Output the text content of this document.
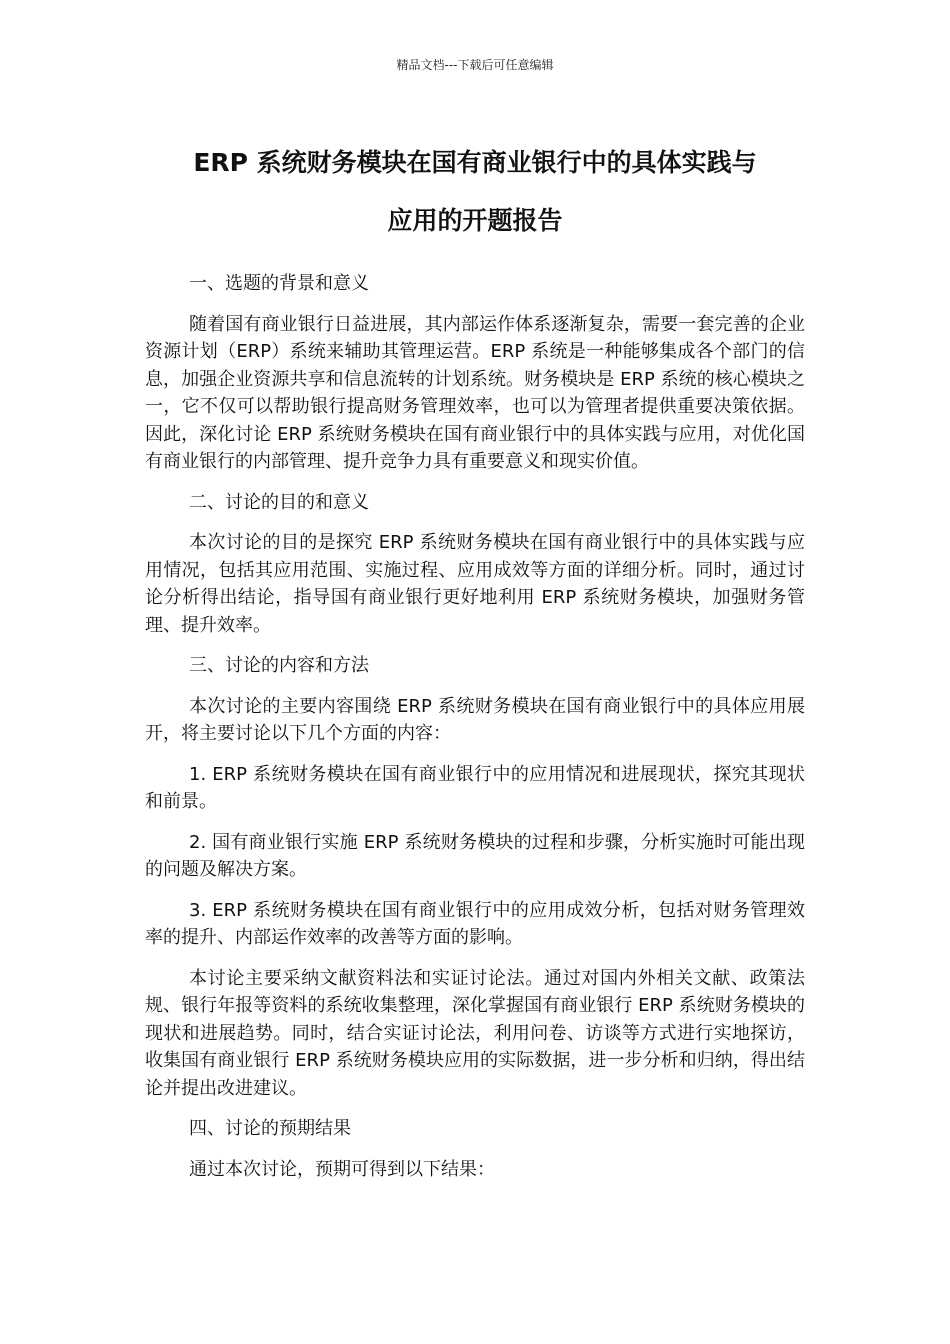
精品文档---下载后可任意编辑
ERP 系统财务模块在国有商业银行中的具体实践与
应用的开题报告

一、选题的背景和意义

随着国有商业银行日益进展，其内部运作体系逐渐复杂，需要一套完善的企业资源计划（ERP）系统来辅助其管理运营。ERP 系统是一种能够集成各个部门的信息，加强企业资源共享和信息流转的计划系统。财务模块是 ERP 系统的核心模块之一，它不仅可以帮助银行提高财务管理效率，也可以为管理者提供重要决策依据。因此，深化讨论 ERP 系统财务模块在国有商业银行中的具体实践与应用，对优化国有商业银行的内部管理、提升竞争力具有重要意义和现实价值。

二、讨论的目的和意义

本次讨论的目的是探究 ERP 系统财务模块在国有商业银行中的具体实践与应用情况，包括其应用范围、实施过程、应用成效等方面的详细分析。同时，通过讨论分析得出结论，指导国有商业银行更好地利用 ERP 系统财务模块，加强财务管理、提升效率。

三、讨论的内容和方法

本次讨论的主要内容围绕 ERP 系统财务模块在国有商业银行中的具体应用展开，将主要讨论以下几个方面的内容：

1. ERP 系统财务模块在国有商业银行中的应用情况和进展现状，探究其现状和前景。

2. 国有商业银行实施 ERP 系统财务模块的过程和步骤，分析实施时可能出现的问题及解决方案。

3. ERP 系统财务模块在国有商业银行中的应用成效分析，包括对财务管理效率的提升、内部运作效率的改善等方面的影响。

本讨论主要采纳文献资料法和实证讨论法。通过对国内外相关文献、政策法规、银行年报等资料的系统收集整理，深化掌握国有商业银行 ERP 系统财务模块的现状和进展趋势。同时，结合实证讨论法，利用问卷、访谈等方式进行实地探访，收集国有商业银行 ERP 系统财务模块应用的实际数据，进一步分析和归纳，得出结论并提出改进建议。

四、讨论的预期结果

通过本次讨论，预期可得到以下结果：
